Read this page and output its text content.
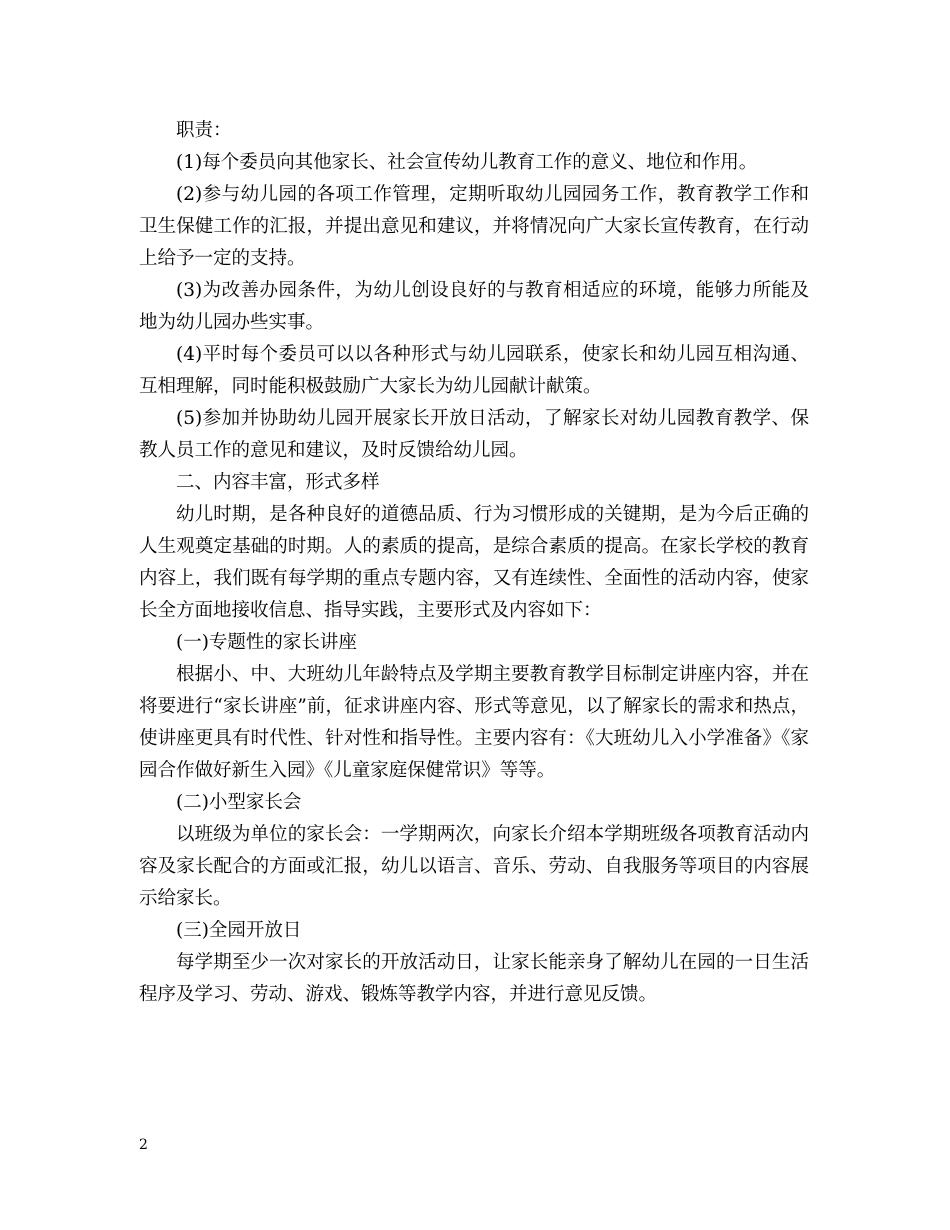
职责：

(1)每个委员向其他家长、社会宣传幼儿教育工作的意义、地位和作用。

(2)参与幼儿园的各项工作管理，定期听取幼儿园园务工作，教育教学工作和卫生保健工作的汇报，并提出意见和建议，并将情况向广大家长宣传教育，在行动上给予一定的支持。

(3)为改善办园条件，为幼儿创设良好的与教育相适应的环境，能够力所能及地为幼儿园办些实事。

(4)平时每个委员可以以各种形式与幼儿园联系，使家长和幼儿园互相沟通、互相理解，同时能积极鼓励广大家长为幼儿园献计献策。

(5)参加并协助幼儿园开展家长开放日活动，了解家长对幼儿园教育教学、保教人员工作的意见和建议，及时反馈给幼儿园。

二、内容丰富，形式多样

幼儿时期，是各种良好的道德品质、行为习惯形成的关键期，是为今后正确的人生观奠定基础的时期。人的素质的提高，是综合素质的提高。在家长学校的教育内容上，我们既有每学期的重点专题内容，又有连续性、全面性的活动内容，使家长全方面地接收信息、指导实践，主要形式及内容如下：

(一)专题性的家长讲座

根据小、中、大班幼儿年龄特点及学期主要教育教学目标制定讲座内容，并在将要进行“家长讲座”前，征求讲座内容、形式等意见，以了解家长的需求和热点，使讲座更具有时代性、针对性和指导性。主要内容有：《大班幼儿入小学准备》《家园合作做好新生入园》《儿童家庭保健常识》等等。

(二)小型家长会

以班级为单位的家长会：一学期两次，向家长介绍本学期班级各项教育活动内容及家长配合的方面或汇报，幼儿以语言、音乐、劳动、自我服务等项目的内容展示给家长。

(三)全园开放日

每学期至少一次对家长的开放活动日，让家长能亲身了解幼儿在园的一日生活程序及学习、劳动、游戏、锻炼等教学内容，并进行意见反馈。

2
